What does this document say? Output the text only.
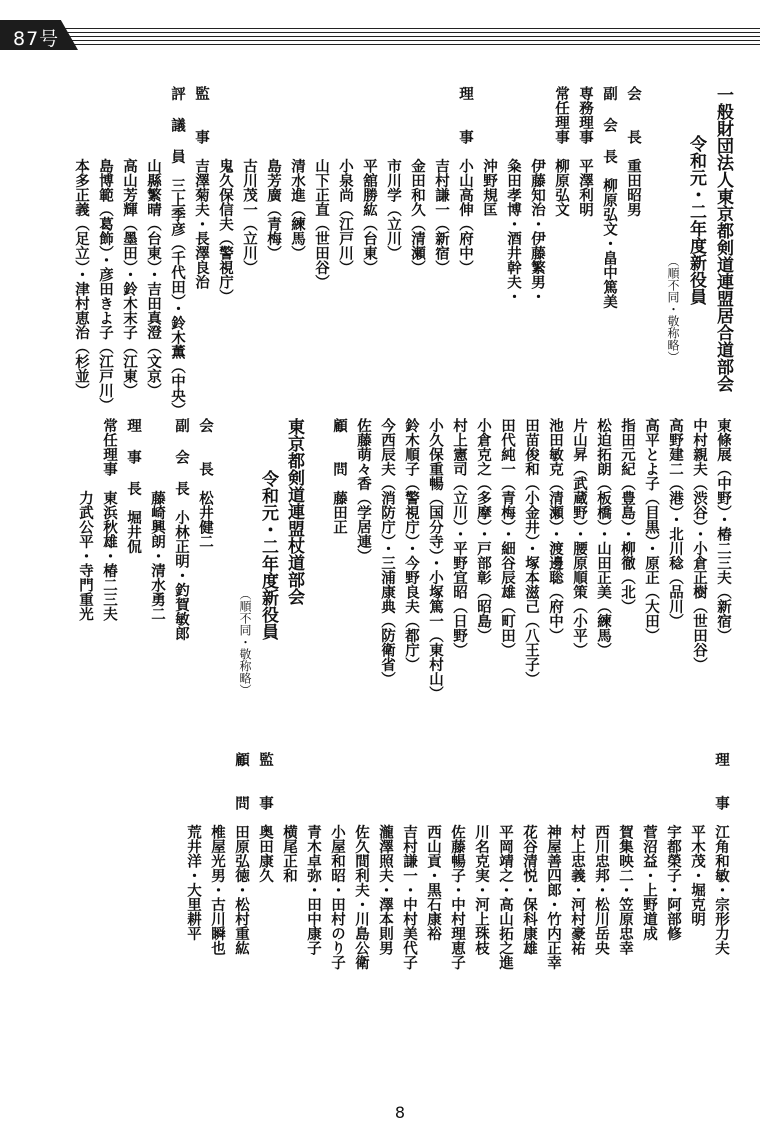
87号
一般財団法人東京都剣道連盟居合道部会
令和元・二年度新役員
（順不同・敬称略）
会　　長　重田昭男
副 会 長　柳原弘文・畠中篤美
専務理事　平澤利明
常任理事　柳原弘文
　　　　　伊藤知治・伊藤繁男・
　　　　　粂田孝博・酒井幹夫・
　　　　　沖野規匡
理　　事　小山高伸（府中）
　　　　　吉村謙一（新宿）
　　　　　金田和久（清瀬）
　　　　　市川学（立川）
　　　　　平舘勝紘（台東）
　　　　　小泉尚（江戸川）
　　　　　山下正直（世田谷）
　　　　　清水進（練馬）
　　　　　島芳廣（青梅）
　　　　　古川茂一（立川）
　　　　　鬼久保信夫（警視庁）
監　　事　吉澤菊夫・長澤良治
評 議 員　三上季彦（千代田）・鈴木薫（中央）
　　　　　山縣繁晴（台東）・吉田真澄（文京）
　　　　　高山芳輝（墨田）・鈴木末子（江東）
　　　　　島博範（葛飾）・彦田きよ子（江戸川）
　　　　　本多正義（足立）・津村恵治（杉並）
東條展（中野）・椿二三夫（新宿）
中村親夫（渋谷）・小倉正樹（世田谷）
高野建二（港）・北川稔（品川）
高平とよ子（目黒）・原正（大田）
指田元紀（豊島）・柳徹（北）
松迫拓朗（板橋）・山田正美（練馬）
片山昇（武蔵野）・腰原順策（小平）
池田敏克（清瀬）・渡邊聡（府中）
田苗俊和（小金井）・塚本滋己（八王子）
田代純一（青梅）・細谷辰雄（町田）
小倉克之（多摩）・戸部彰（昭島）
村上憲司（立川）・平野宜昭（日野）
小久保重暢（国分寺）・小塚篤一（東村山）
鈴木順子（警視庁）・今野良夫（都庁）
今西辰夫（消防庁）・三浦康典（防衛省）
佐藤萌々香（学居連）
顧　　問　藤田正
東京都剣道連盟杖道部会
令和元・二年度新役員
（順不同・敬称略）
会　　長　松井健二
副 会 長　小林正明・釣賀敏郎
　　　　　藤崎興朗・清水勇二
理 事 長　堀井侃
常任理事　東浜秋雄・椿二三夫
　　　　　力武公平・寺門重光
理　　事　江角和敏・宗形力夫
　　　　　平木茂・堀克明
　　　　　宇都榮子・阿部修
　　　　　菅沼益・上野道成
　　　　　賀集映二・笠原忠幸
　　　　　西川忠邦・松川岳央
　　　　　村上忠義・河村豪祐
　　　　　神屋善四郎・竹内正幸
　　　　　花谷清悦・保科康雄
　　　　　平岡靖之・高山拓之進
　　　　　川名克実・河上珠枝
　　　　　佐藤暢子・中村理恵子
　　　　　西山貢・黒石康裕
　　　　　吉村謙一・中村美代子
　　　　　瀧澤照夫・澤本則男
　　　　　佐久間利夫・川島公衛
　　　　　小屋和昭・田村のり子
　　　　　青木卓弥・田中康子
　　　　　横尾正和
監　　事　奥田康久
顧　　問　田原弘徳・松村重紘
　　　　　椎屋光男・古川瞬也
　　　　　荒井洋・大里耕平
8
